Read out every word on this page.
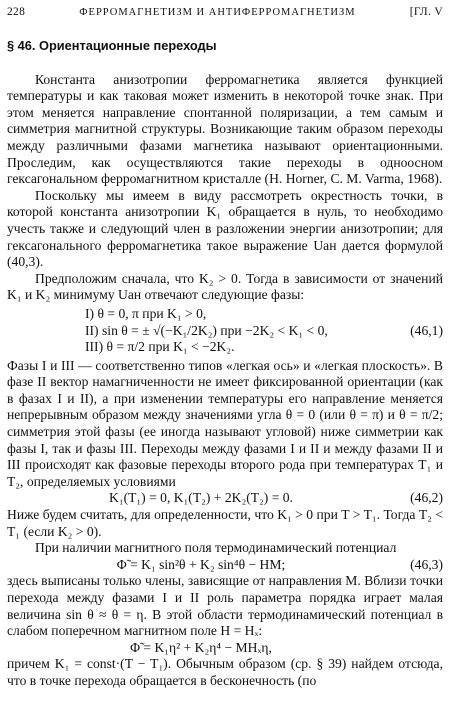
228	ФЕРРОМАГНЕТИЗМ И АНТИФЕРРОМАГНЕТИЗМ	[ГЛ. V
§ 46. Ориентационные переходы

Константа анизотропии ферромагнетика является функцией температуры и как таковая может изменить в некоторой точке знак. При этом меняется направление спонтанной поляризации, а тем самым и симметрия магнитной структуры. Возникающие таким образом переходы между различными фазами магнетика называют ориентационными. Проследим, как осуществляются такие переходы в одноосном гексагональном ферромагнитном кристалле (H. Horner, C. M. Varma, 1968).

Поскольку мы имеем в виду рассмотреть окрестность точки, в которой константа анизотропии K₁ обращается в нуль, то необходимо учесть также и следующий член в разложении энергии анизотропии; для гексагонального ферромагнетика такое выражение Uан дается формулой (40,3).

Предположим сначала, что K₂ > 0. Тогда в зависимости от значений K₁ и K₂ минимуму Uан отвечают следующие фазы:

I) θ = 0, π при K₁ > 0,
II) sin θ = ± √(−K₁/2K₂) при −2K₂ < K₁ < 0,	(46,1)
III) θ = π/2 при K₁ < −2K₂.

Фазы I и III — соответственно типов «легкая ось» и «легкая плоскость». В фазе II вектор намагниченности не имеет фиксированной ориентации (как в фазах I и II), а при изменении температуры его направление меняется непрерывным образом между значениями угла θ = 0 (или θ = π) и θ = π/2; симметрия этой фазы (ее иногда называют угловой) ниже симметрии как фазы I, так и фазы III. Переходы между фазами I и II и между фазами II и III происходят как фазовые переходы второго рода при температурах T₁ и T₂, определяемых условиями

K₁(T₁) = 0, K₁(T₂) + 2K₂(T₂) = 0.	(46,2)

Ниже будем считать, для определенности, что K₁ > 0 при T > T₁. Тогда T₂ < T₁ (если K₂ > 0).

При наличии магнитного поля термодинамический потенциал

Φ̃ = K₁ sin²θ + K₂ sin⁴θ − HM;	(46,3)

здесь выписаны только члены, зависящие от направления M. Вблизи точки перехода между фазами I и II роль параметра порядка играет малая величина sin θ ≈ θ = η. В этой области термодинамический потенциал в слабом поперечном магнитном поле H = Hₓ:

Φ̃ = K₁η² + K₂η⁴ − MHₓη,

причем K₁ = const·(T − T₁). Обычным образом (ср. § 39) найдем отсюда, что в точке перехода обращается в бесконечность (по
